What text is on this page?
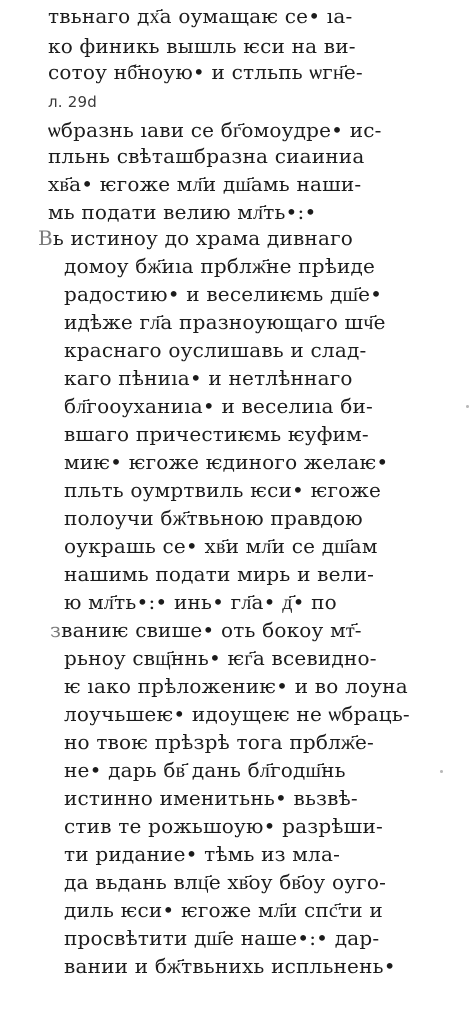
твьнаго дх҃а оумащаѥ се• ıа-

ко финикь вышль ѥси на ви-

сотоу нб҃ноую• и стльпь ѡгн҃е-

л. 29d

ѡбразнь ıави се бг҃омоудре• ис-

пльнь свѣташбразна сиаиниа

хв҃а• ѥгоже мл҃и дш҃амь наши-

мь подати велию мл҃ть•:•

Вь истиноу до храма дивнаго

домоу бж҃иıа прблж҃не прѣиде

радостию• и веселиѥмь дш҃е•

идѣже гл҃а празноующаго шч҃е

краснаго оуслишавь и слад-

каго пѣниıа• и нетлѣннаго

бл҃гооуханиıа• и веселиıа би-

вшаго причестиѥмь ѥуфим-

миѥ• ѥгоже ѥдиного желаѥ•

пльть оумртвиль ѥси• ѥгоже

полоучи бж҃твьною правдою

оукрашь се• хв҃и мл҃и се дш҃ам

нашимь подати мирь и вели-

ю мл҃ть•:• инь• гл҃а• д҃• по

званиѥ свише• оть бокоу мт҃-

рьноу свщ҃ннь• ѥг҃а всевидно-

ѥ ıако прѣложениѥ• и во лоуна

лоучьшеѥ• идоущеѥ не ѡбраць-

но твоѥ прѣзрѣ тога прблж҃е-

не• дарь бв҃ дань бл҃годш҃нь

истинно именитьнь• вьзвѣ-

стив те рожьшоую• разрѣши-

ти ридание• тѣмь из мла-

да вьдань влц҃е хв҃оу бв҃оу оуго-

диль ѥси• ѥгоже мл҃и спс҃ти и

просвѣтити дш҃е наше•:• дар-

вании и бж҃твьнихь испльнень•
